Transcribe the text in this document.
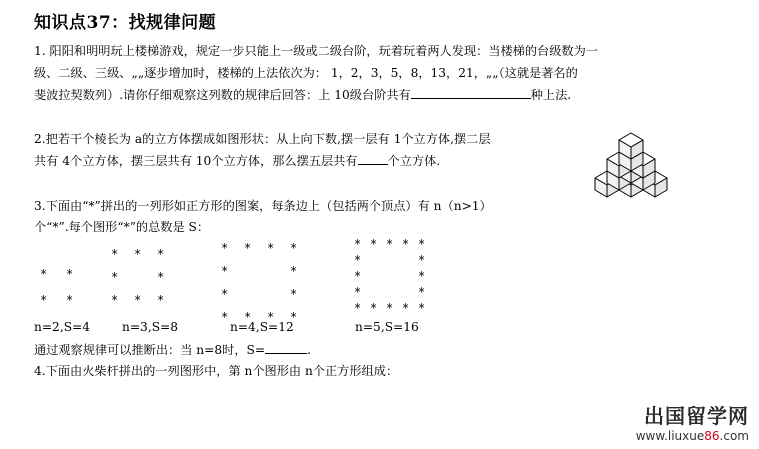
知识点37：找规律问题
1. 阳阳和明明玩上楼梯游戏，规定一步只能上一级或二级台阶，玩着玩着两人发现：当楼梯的台级数为一
级、二级、三级、„„逐步增加时，楼梯的上法依次为： 1，2，3，5，8，13，21，„„（这就是著名的
斐波拉契数列）.请你仔细观察这列数的规律后回答：上 10级台阶共有	种上法.
2.把若干个棱长为 a的立方体摆成如图形状：从上向下数,摆一层有 1个立方体,摆二层
共有 4个立方体，摆三层共有 10个立方体，那么摆五层共有 个立方体.
3.下面由“*”拼出的一列形如正方形的图案，每条边上（包括两个顶点）有 n（n>1）
个“*”.每个图形“*”的总数是 S：
* *
* *
* * *
*	*
* * *
* * * *
*	*
*	*
* * * *
* * * * *
*	*
*	*
*	*
* * * * *
n=2,S=4	n=3,S=8	n=4,S=12	n=5,S=16
通过观察规律可以推断出：当 n=8时，S=	.
4.下面由火柴杆拼出的一列图形中，第 n个图形由 n个正方形组成：
出国留学网
www.liuxue86.com
